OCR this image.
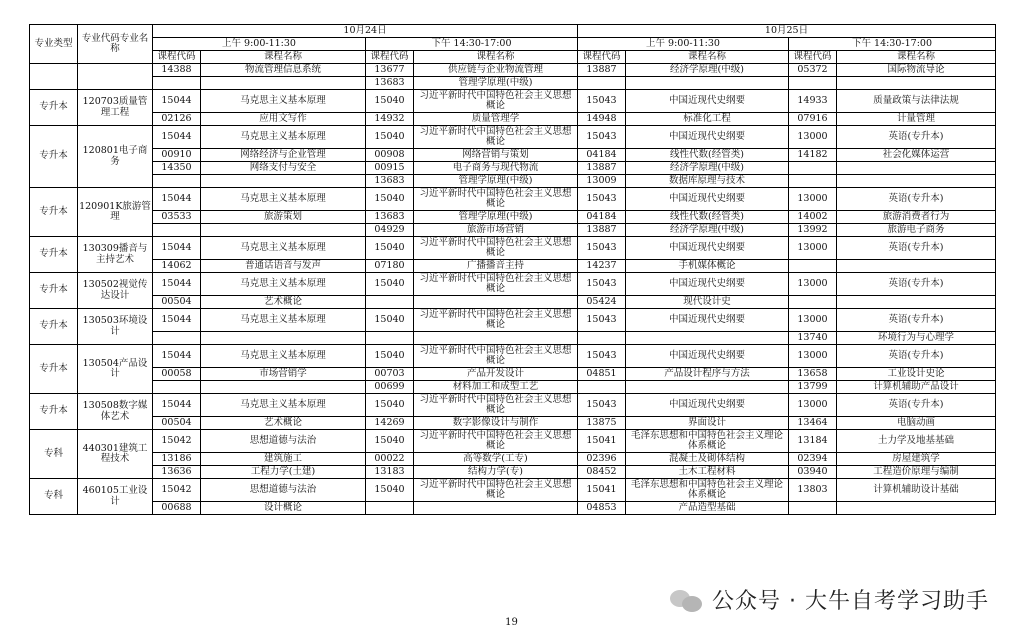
专业类型	专业代码专业名称	10月24日				10月25日			
		上午 9:00-11:30		下午 14:30-17:00		上午 9:00-11:30		下午 14:30-17:00	
		课程代码	课程名称	课程代码	课程名称	课程代码	课程名称	课程代码	课程名称
		14388	物流管理信息系统	13677	供应链与企业物流管理	13887	经济学原理(中级)	05372	国际物流导论
				13683	管理学原理(中级)				
专升本	120703质量管理工程	15044	马克思主义基本原理	15040	习近平新时代中国特色社会主义思想概论	15043	中国近现代史纲要	14933	质量政策与法律法规
		02126	应用文写作	14932	质量管理学	14948	标准化工程	07916	计量管理
专升本	120801电子商务	15044	马克思主义基本原理	15040	习近平新时代中国特色社会主义思想概论	15043	中国近现代史纲要	13000	英语(专升本)
		00910	网络经济与企业管理	00908	网络营销与策划	04184	线性代数(经管类)	14182	社会化媒体运营
		14350	网络支付与安全	00915	电子商务与现代物流	13887	经济学原理(中级)		
				13683	管理学原理(中级)	13009	数据库原理与技术		
专升本	120901K旅游管理	15044	马克思主义基本原理	15040	习近平新时代中国特色社会主义思想概论	15043	中国近现代史纲要	13000	英语(专升本)
		03533	旅游策划	13683	管理学原理(中级)	04184	线性代数(经管类)	14002	旅游消费者行为
				04929	旅游市场营销	13887	经济学原理(中级)	13992	旅游电子商务
专升本	130309播音与主持艺术	15044	马克思主义基本原理	15040	习近平新时代中国特色社会主义思想概论	15043	中国近现代史纲要	13000	英语(专升本)
		14062	普通话语音与发声	07180	广播播音主持	14237	手机媒体概论		
专升本	130502视觉传达设计	15044	马克思主义基本原理	15040	习近平新时代中国特色社会主义思想概论	15043	中国近现代史纲要	13000	英语(专升本)
		00504	艺术概论			05424	现代设计史		
专升本	130503环境设计	15044	马克思主义基本原理	15040	习近平新时代中国特色社会主义思想概论	15043	中国近现代史纲要	13000	英语(专升本)
								13740	环境行为与心理学
专升本	130504产品设计	15044	马克思主义基本原理	15040	习近平新时代中国特色社会主义思想概论	15043	中国近现代史纲要	13000	英语(专升本)
		00058	市场营销学	00703	产品开发设计	04851	产品设计程序与方法	13658	工业设计史论
				00699	材料加工和成型工艺			13799	计算机辅助产品设计
专升本	130508数字媒体艺术	15044	马克思主义基本原理	15040	习近平新时代中国特色社会主义思想概论	15043	中国近现代史纲要	13000	英语(专升本)
		00504	艺术概论	14269	数字影像设计与制作	13875	界面设计	13464	电脑动画
专科	440301建筑工程技术	15042	思想道德与法治	15040	习近平新时代中国特色社会主义思想概论	15041	毛泽东思想和中国特色社会主义理论体系概论	13184	土力学及地基基础
		13186	建筑施工	00022	高等数学(工专)	02396	混凝土及砌体结构	02394	房屋建筑学
		13636	工程力学(土建)	13183	结构力学(专)	08452	土木工程材料	03940	工程造价原理与编制
专科	460105工业设计	15042	思想道德与法治	15040	习近平新时代中国特色社会主义思想概论	15041	毛泽东思想和中国特色社会主义理论体系概论	13803	计算机辅助设计基础
		00688	设计概论			04853	产品造型基础		
19
公众号 · 大牛自考学习助手
